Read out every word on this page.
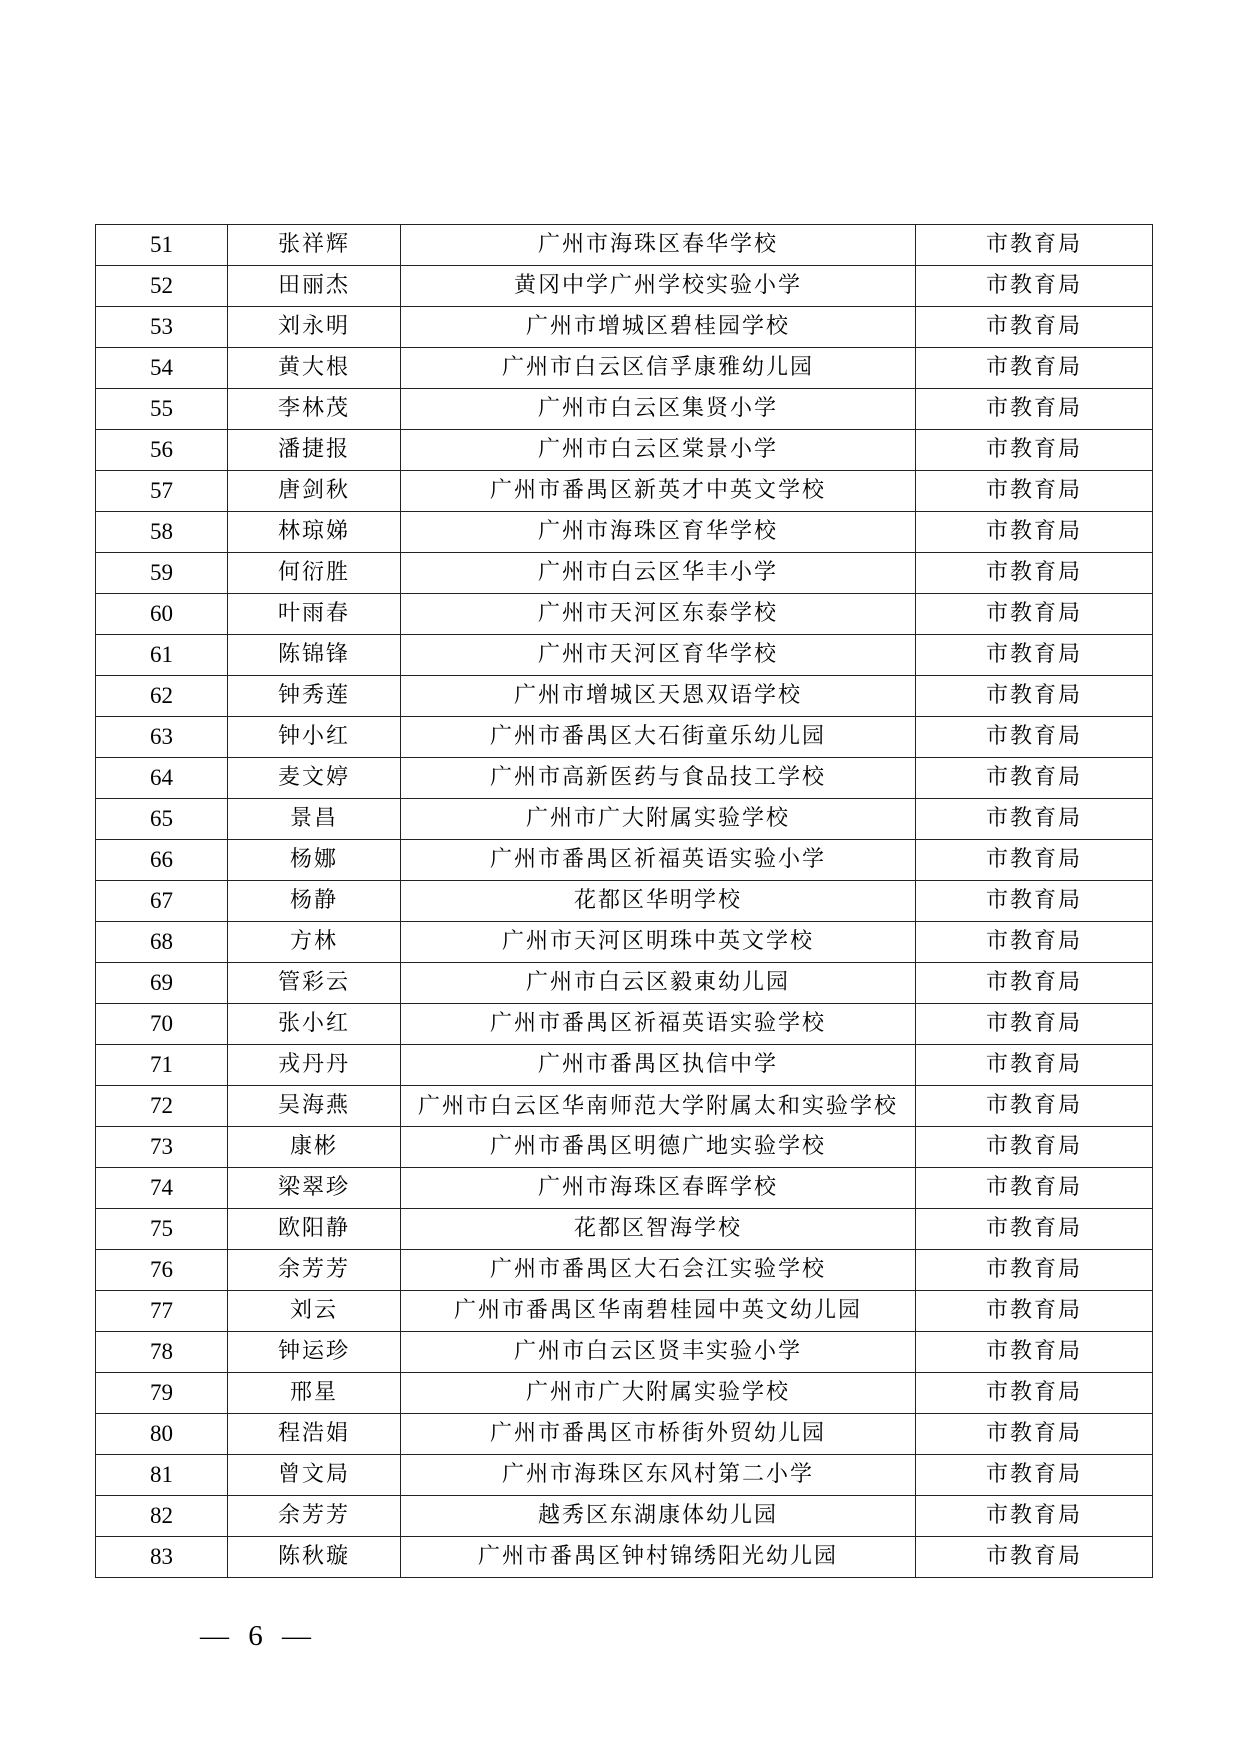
51	张祥辉	广州市海珠区春华学校	市教育局
52	田丽杰	黄冈中学广州学校实验小学	市教育局
53	刘永明	广州市增城区碧桂园学校	市教育局
54	黄大根	广州市白云区信孚康雅幼儿园	市教育局
55	李林茂	广州市白云区集贤小学	市教育局
56	潘捷报	广州市白云区棠景小学	市教育局
57	唐剑秋	广州市番禺区新英才中英文学校	市教育局
58	林琼娣	广州市海珠区育华学校	市教育局
59	何衍胜	广州市白云区华丰小学	市教育局
60	叶雨春	广州市天河区东泰学校	市教育局
61	陈锦锋	广州市天河区育华学校	市教育局
62	钟秀莲	广州市增城区天恩双语学校	市教育局
63	钟小红	广州市番禺区大石街童乐幼儿园	市教育局
64	麦文婷	广州市高新医药与食品技工学校	市教育局
65	景昌	广州市广大附属实验学校	市教育局
66	杨娜	广州市番禺区祈福英语实验小学	市教育局
67	杨静	花都区华明学校	市教育局
68	方林	广州市天河区明珠中英文学校	市教育局
69	管彩云	广州市白云区毅東幼儿园	市教育局
70	张小红	广州市番禺区祈福英语实验学校	市教育局
71	戎丹丹	广州市番禺区执信中学	市教育局
72	吴海燕	广州市白云区华南师范大学附属太和实验学校	市教育局
73	康彬	广州市番禺区明德广地实验学校	市教育局
74	梁翠珍	广州市海珠区春晖学校	市教育局
75	欧阳静	花都区智海学校	市教育局
76	余芳芳	广州市番禺区大石会江实验学校	市教育局
77	刘云	广州市番禺区华南碧桂园中英文幼儿园	市教育局
78	钟运珍	广州市白云区贤丰实验小学	市教育局
79	邢星	广州市广大附属实验学校	市教育局
80	程浩娟	广州市番禺区市桥街外贸幼儿园	市教育局
81	曾文局	广州市海珠区东风村第二小学	市教育局
82	余芳芳	越秀区东湖康体幼儿园	市教育局
83	陈秋璇	广州市番禺区钟村锦绣阳光幼儿园	市教育局
— 6 —
